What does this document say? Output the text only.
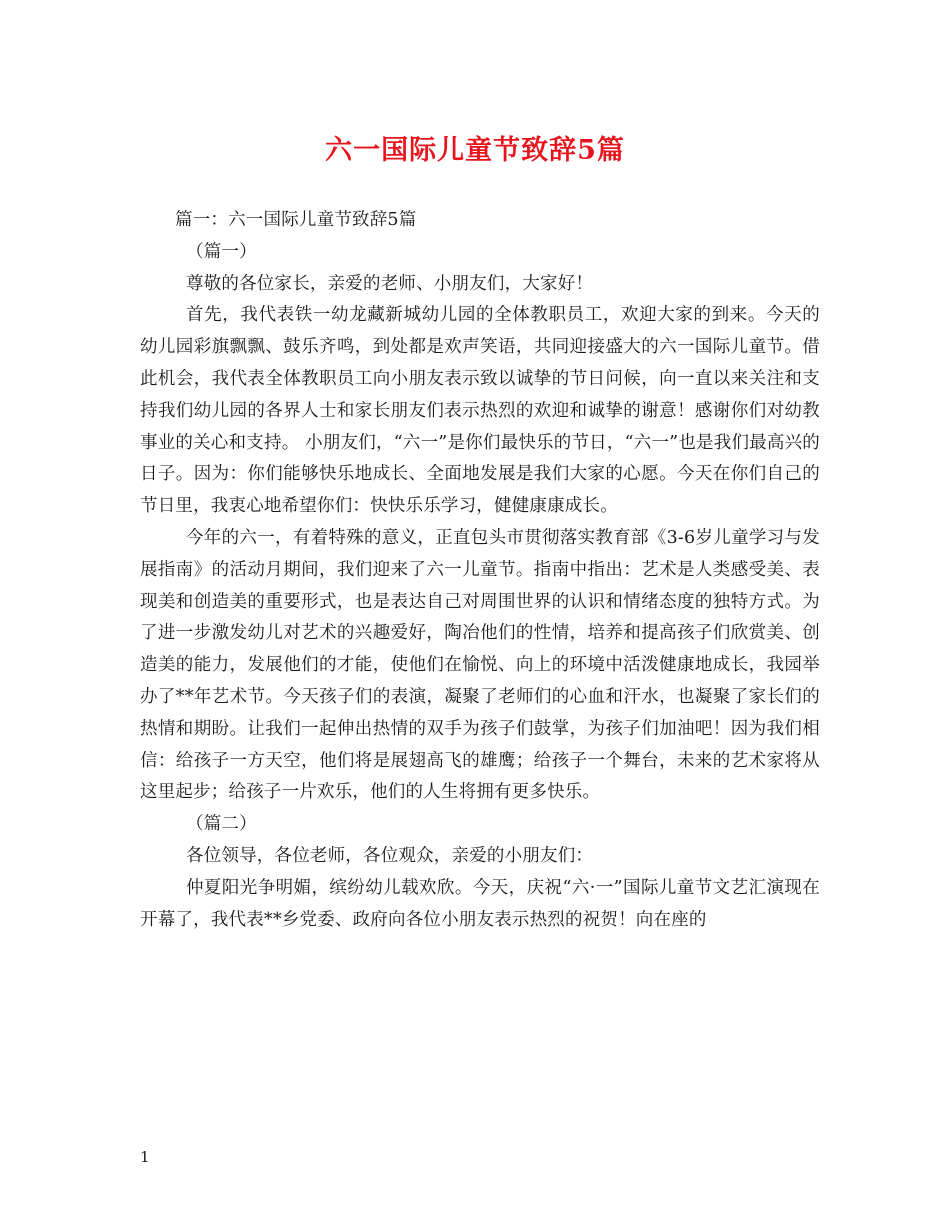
六一国际儿童节致辞5篇

篇一：六一国际儿童节致辞5篇

（篇一）

尊敬的各位家长，亲爱的老师、小朋友们，大家好！

首先，我代表铁一幼龙藏新城幼儿园的全体教职员工，欢迎大家的到来。今天的幼儿园彩旗飘飘、鼓乐齐鸣，到处都是欢声笑语，共同迎接盛大的六一国际儿童节。借此机会，我代表全体教职员工向小朋友表示致以诚挚的节日问候，向一直以来关注和支持我们幼儿园的各界人士和家长朋友们表示热烈的欢迎和诚挚的谢意！感谢你们对幼教事业的关心和支持。 小朋友们，“六一”是你们最快乐的节日，“六一”也是我们最高兴的日子。因为：你们能够快乐地成长、全面地发展是我们大家的心愿。今天在你们自己的节日里，我衷心地希望你们：快快乐乐学习，健健康康成长。

今年的六一，有着特殊的意义，正直包头市贯彻落实教育部《3-6岁儿童学习与发展指南》的活动月期间，我们迎来了六一儿童节。指南中指出：艺术是人类感受美、表现美和创造美的重要形式，也是表达自己对周围世界的认识和情绪态度的独特方式。为了进一步激发幼儿对艺术的兴趣爱好，陶冶他们的性情，培养和提高孩子们欣赏美、创造美的能力，发展他们的才能，使他们在愉悦、向上的环境中活泼健康地成长，我园举办了**年艺术节。今天孩子们的表演，凝聚了老师们的心血和汗水，也凝聚了家长们的热情和期盼。让我们一起伸出热情的双手为孩子们鼓掌，为孩子们加油吧！因为我们相信：给孩子一方天空，他们将是展翅高飞的雄鹰；给孩子一个舞台，未来的艺术家将从这里起步；给孩子一片欢乐，他们的人生将拥有更多快乐。

（篇二）

各位领导，各位老师，各位观众，亲爱的小朋友们：

仲夏阳光争明媚，缤纷幼儿载欢欣。今天，庆祝“六·一”国际儿童节文艺汇演现在开幕了，我代表**乡党委、政府向各位小朋友表示热烈的祝贺！向在座的

1
